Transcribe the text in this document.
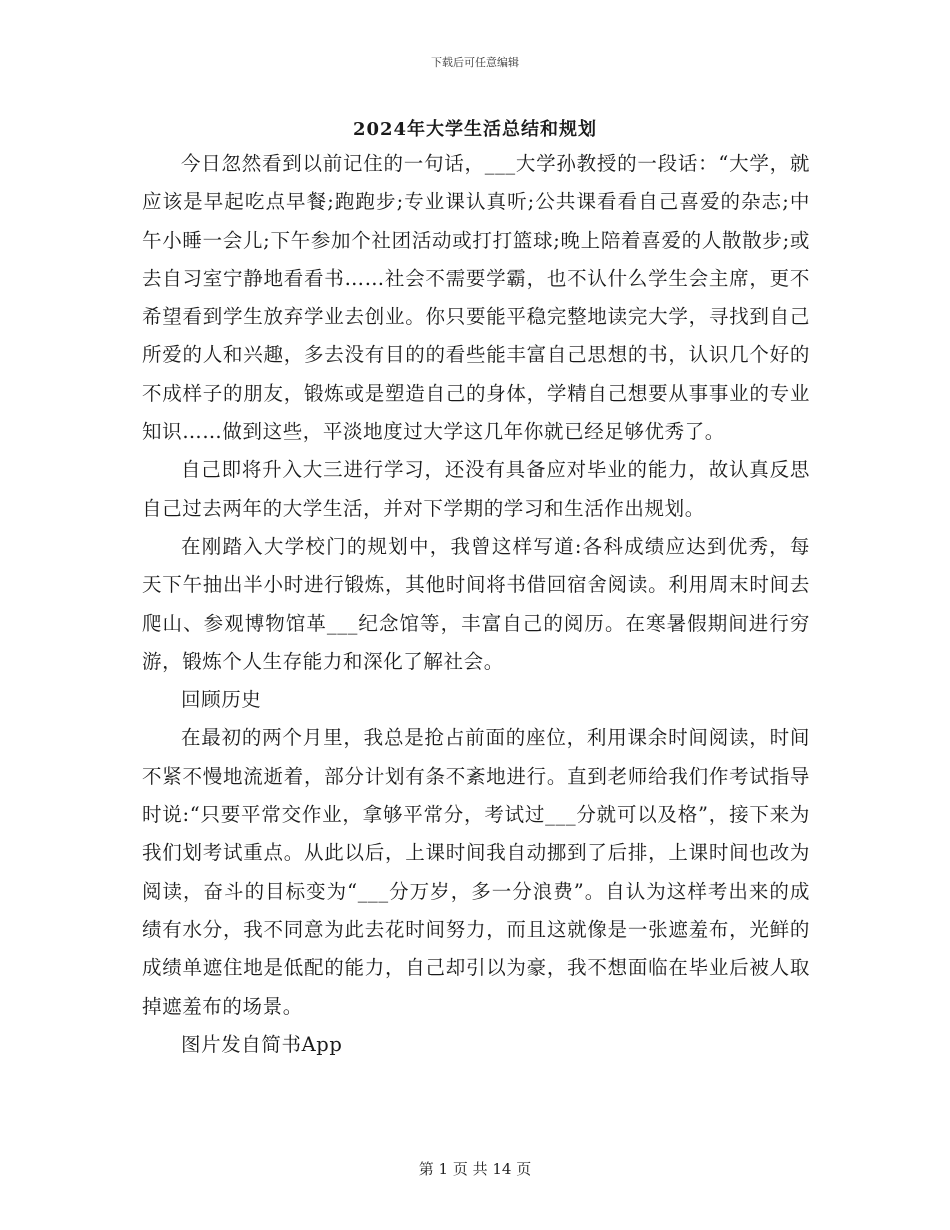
下载后可任意编辑
2024年大学生活总结和规划

今日忽然看到以前记住的一句话，___大学孙教授的一段话：“大学，就应该是早起吃点早餐;跑跑步;专业课认真听;公共课看看自己喜爱的杂志;中午小睡一会儿;下午参加个社团活动或打打篮球;晚上陪着喜爱的人散散步;或去自习室宁静地看看书……社会不需要学霸，也不认什么学生会主席，更不希望看到学生放弃学业去创业。你只要能平稳完整地读完大学，寻找到自己所爱的人和兴趣，多去没有目的的看些能丰富自己思想的书，认识几个好的不成样子的朋友，锻炼或是塑造自己的身体，学精自己想要从事事业的专业知识……做到这些，平淡地度过大学这几年你就已经足够优秀了。

自己即将升入大三进行学习，还没有具备应对毕业的能力，故认真反思自己过去两年的大学生活，并对下学期的学习和生活作出规划。

在刚踏入大学校门的规划中，我曾这样写道:各科成绩应达到优秀，每天下午抽出半小时进行锻炼，其他时间将书借回宿舍阅读。利用周末时间去爬山、参观博物馆革___纪念馆等，丰富自己的阅历。在寒暑假期间进行穷游，锻炼个人生存能力和深化了解社会。

回顾历史

在最初的两个月里，我总是抢占前面的座位，利用课余时间阅读，时间不紧不慢地流逝着，部分计划有条不紊地进行。直到老师给我们作考试指导时说:“只要平常交作业，拿够平常分，考试过___分就可以及格”，接下来为我们划考试重点。从此以后，上课时间我自动挪到了后排，上课时间也改为阅读，奋斗的目标变为“___分万岁，多一分浪费”。自认为这样考出来的成绩有水分，我不同意为此去花时间努力，而且这就像是一张遮羞布，光鲜的成绩单遮住地是低配的能力，自己却引以为豪，我不想面临在毕业后被人取掉遮羞布的场景。

图片发自简书App

第 1 页 共 14 页
